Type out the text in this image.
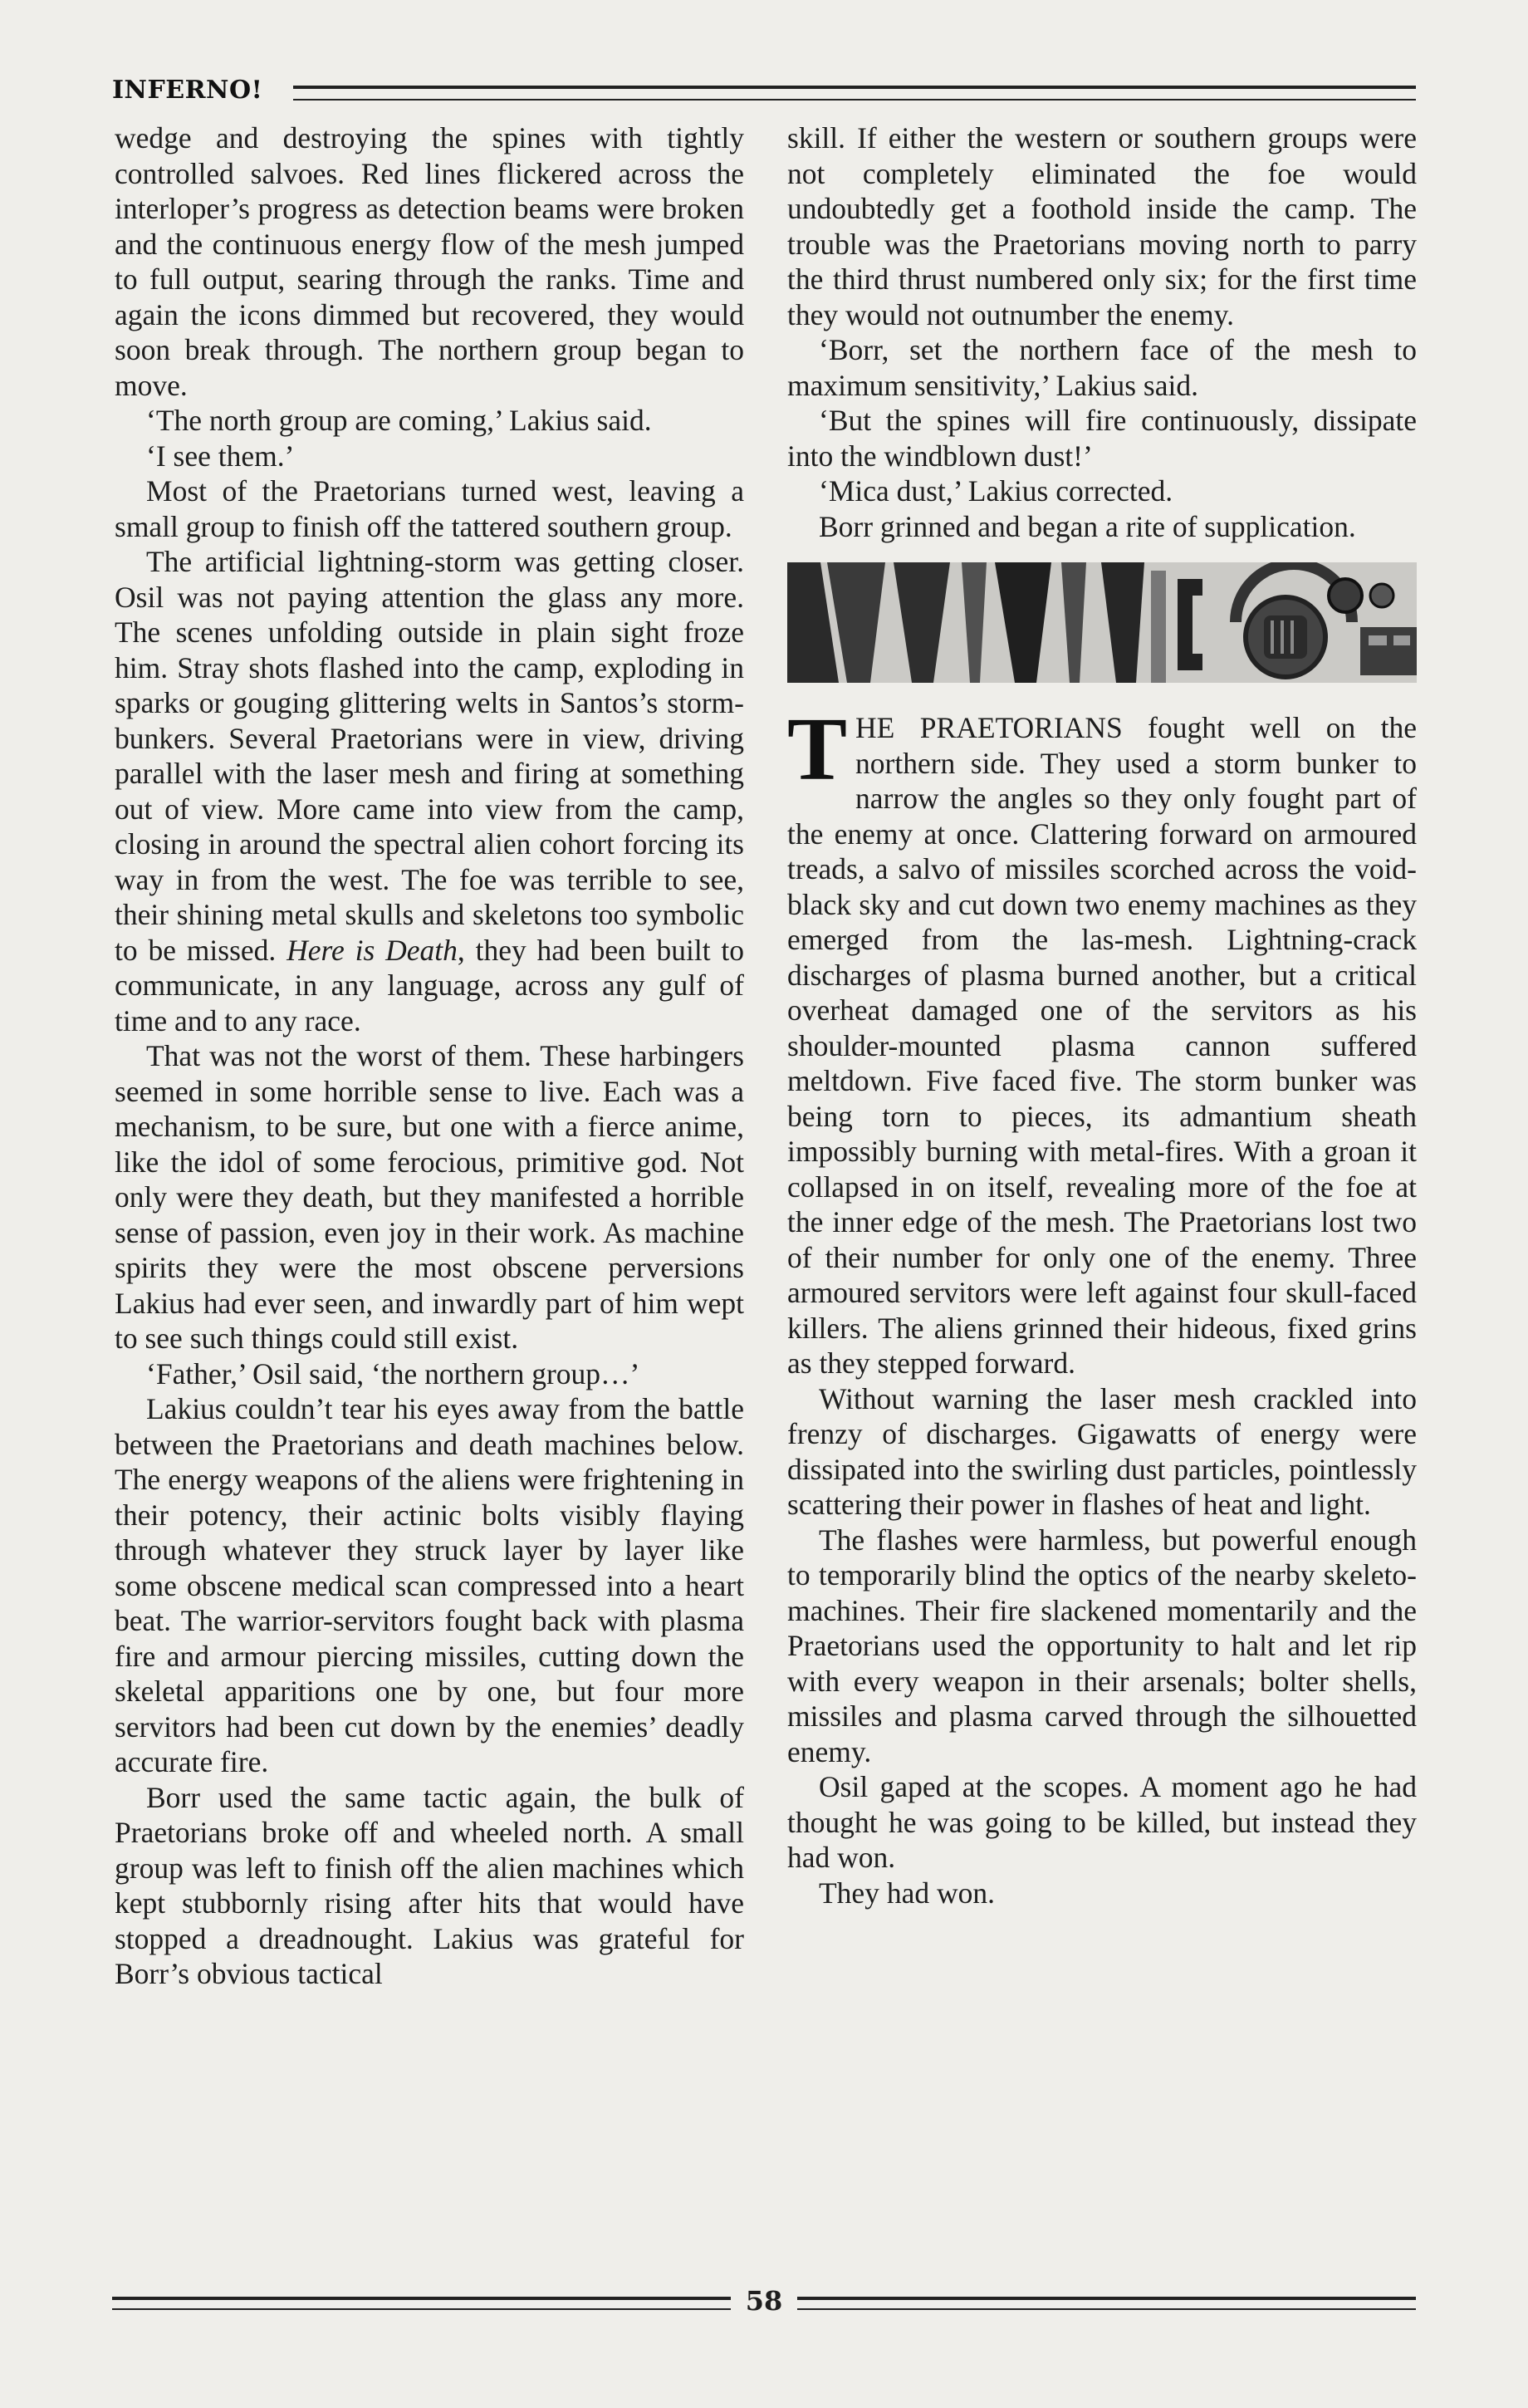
INFERNO!

wedge and destroying the spines with tightly controlled salvoes. Red lines flickered across the interloper’s progress as detection beams were broken and the continuous energy flow of the mesh jumped to full output, searing through the ranks. Time and again the icons dimmed but recovered, they would soon break through. The northern group began to move.

‘The north group are coming,’ Lakius said.

‘I see them.’

Most of the Praetorians turned west, leaving a small group to finish off the tattered southern group.

The artificial lightning-storm was getting closer. Osil was not paying attention the glass any more. The scenes unfolding outside in plain sight froze him. Stray shots flashed into the camp, exploding in sparks or gouging glittering welts in Santos’s storm-bunkers. Several Praetorians were in view, driving parallel with the laser mesh and firing at something out of view. More came into view from the camp, closing in around the spectral alien cohort forcing its way in from the west. The foe was terrible to see, their shining metal skulls and skeletons too symbolic to be missed. Here is Death, they had been built to communicate, in any language, across any gulf of time and to any race.

That was not the worst of them. These harbingers seemed in some horrible sense to live. Each was a mechanism, to be sure, but one with a fierce anime, like the idol of some ferocious, primitive god. Not only were they death, but they manifested a horrible sense of passion, even joy in their work. As machine spirits they were the most obscene perversions Lakius had ever seen, and inwardly part of him wept to see such things could still exist.

‘Father,’ Osil said, ‘the northern group…’

Lakius couldn’t tear his eyes away from the battle between the Praetorians and death machines below. The energy weapons of the aliens were frightening in their potency, their actinic bolts visibly flaying through whatever they struck layer by layer like some obscene medical scan compressed into a heart beat. The warrior-servitors fought back with plasma fire and armour piercing missiles, cutting down the skeletal apparitions one by one, but four more servitors had been cut down by the enemies’ deadly accurate fire.

Borr used the same tactic again, the bulk of Praetorians broke off and wheeled north. A small group was left to finish off the alien machines which kept stubbornly rising after hits that would have stopped a dreadnought. Lakius was grateful for Borr’s obvious tactical

skill. If either the western or southern groups were not completely eliminated the foe would undoubtedly get a foothold inside the camp. The trouble was the Praetorians moving north to parry the third thrust numbered only six; for the first time they would not outnumber the enemy.

‘Borr, set the northern face of the mesh to maximum sensitivity,’ Lakius said.

‘But the spines will fire continuously, dissipate into the windblown dust!’

‘Mica dust,’ Lakius corrected.

Borr grinned and began a rite of supplication.

THE PRAETORIANS fought well on the northern side. They used a storm bunker to narrow the angles so they only fought part of the enemy at once. Clattering forward on armoured treads, a salvo of missiles scorched across the void-black sky and cut down two enemy machines as they emerged from the las-mesh. Lightning-crack discharges of plasma burned another, but a critical overheat damaged one of the servitors as his shoulder-mounted plasma cannon suffered meltdown. Five faced five. The storm bunker was being torn to pieces, its admantium sheath impossibly burning with metal-fires. With a groan it collapsed in on itself, revealing more of the foe at the inner edge of the mesh. The Praetorians lost two of their number for only one of the enemy. Three armoured servitors were left against four skull-faced killers. The aliens grinned their hideous, fixed grins as they stepped forward.

Without warning the laser mesh crackled into frenzy of discharges. Gigawatts of energy were dissipated into the swirling dust particles, pointlessly scattering their power in flashes of heat and light.

The flashes were harmless, but powerful enough to temporarily blind the optics of the nearby skeleto-machines. Their fire slackened momentarily and the Praetorians used the opportunity to halt and let rip with every weapon in their arsenals; bolter shells, missiles and plasma carved through the silhouetted enemy.

Osil gaped at the scopes. A moment ago he had thought he was going to be killed, but instead they had won.

They had won.

58
